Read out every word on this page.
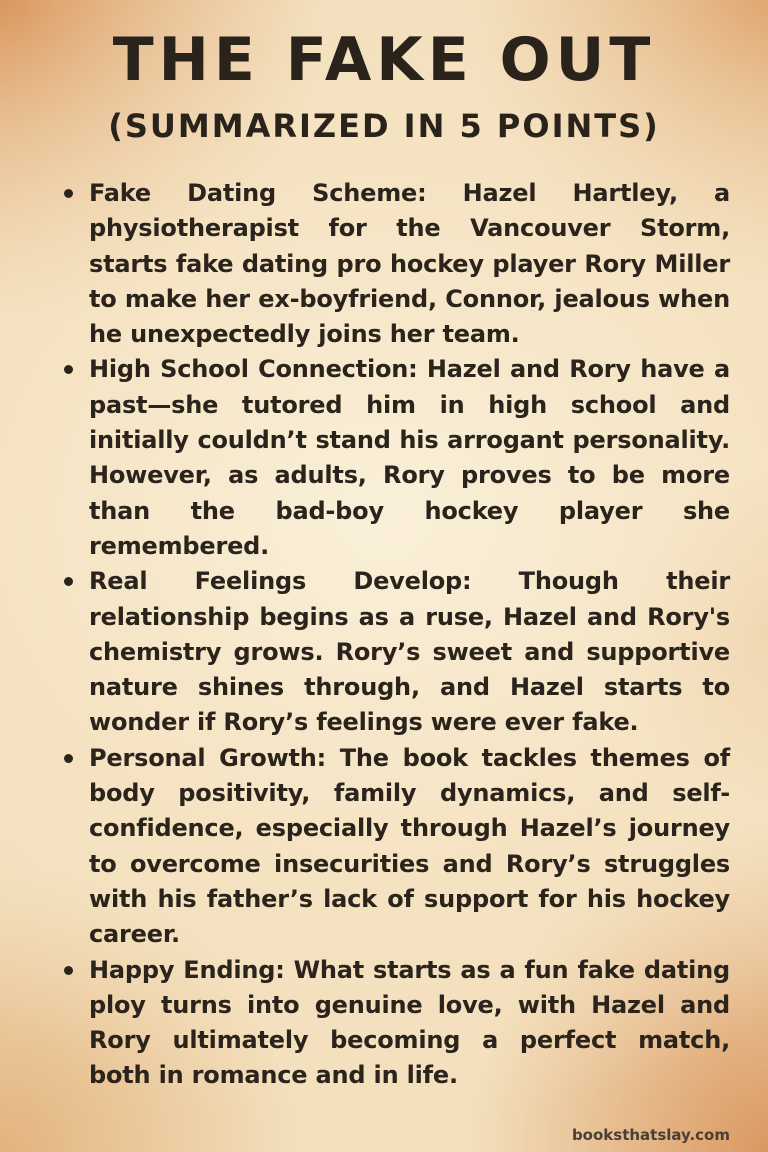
THE FAKE OUT
(SUMMARIZED IN 5 POINTS)
Fake Dating Scheme: Hazel Hartley, a physiotherapist for the Vancouver Storm, starts fake dating pro hockey player Rory Miller to make her ex-boyfriend, Connor, jealous when he unexpectedly joins her team.
High School Connection: Hazel and Rory have a past—she tutored him in high school and initially couldn’t stand his arrogant personality. However, as adults, Rory proves to be more than the bad-boy hockey player she remembered.
Real Feelings Develop: Though their relationship begins as a ruse, Hazel and Rory's chemistry grows. Rory’s sweet and supportive nature shines through, and Hazel starts to wonder if Rory’s feelings were ever fake.
Personal Growth: The book tackles themes of body positivity, family dynamics, and self-confidence, especially through Hazel’s journey to overcome insecurities and Rory’s struggles with his father’s lack of support for his hockey career.
Happy Ending: What starts as a fun fake dating ploy turns into genuine love, with Hazel and Rory ultimately becoming a perfect match, both in romance and in life.
booksthatslay.com
